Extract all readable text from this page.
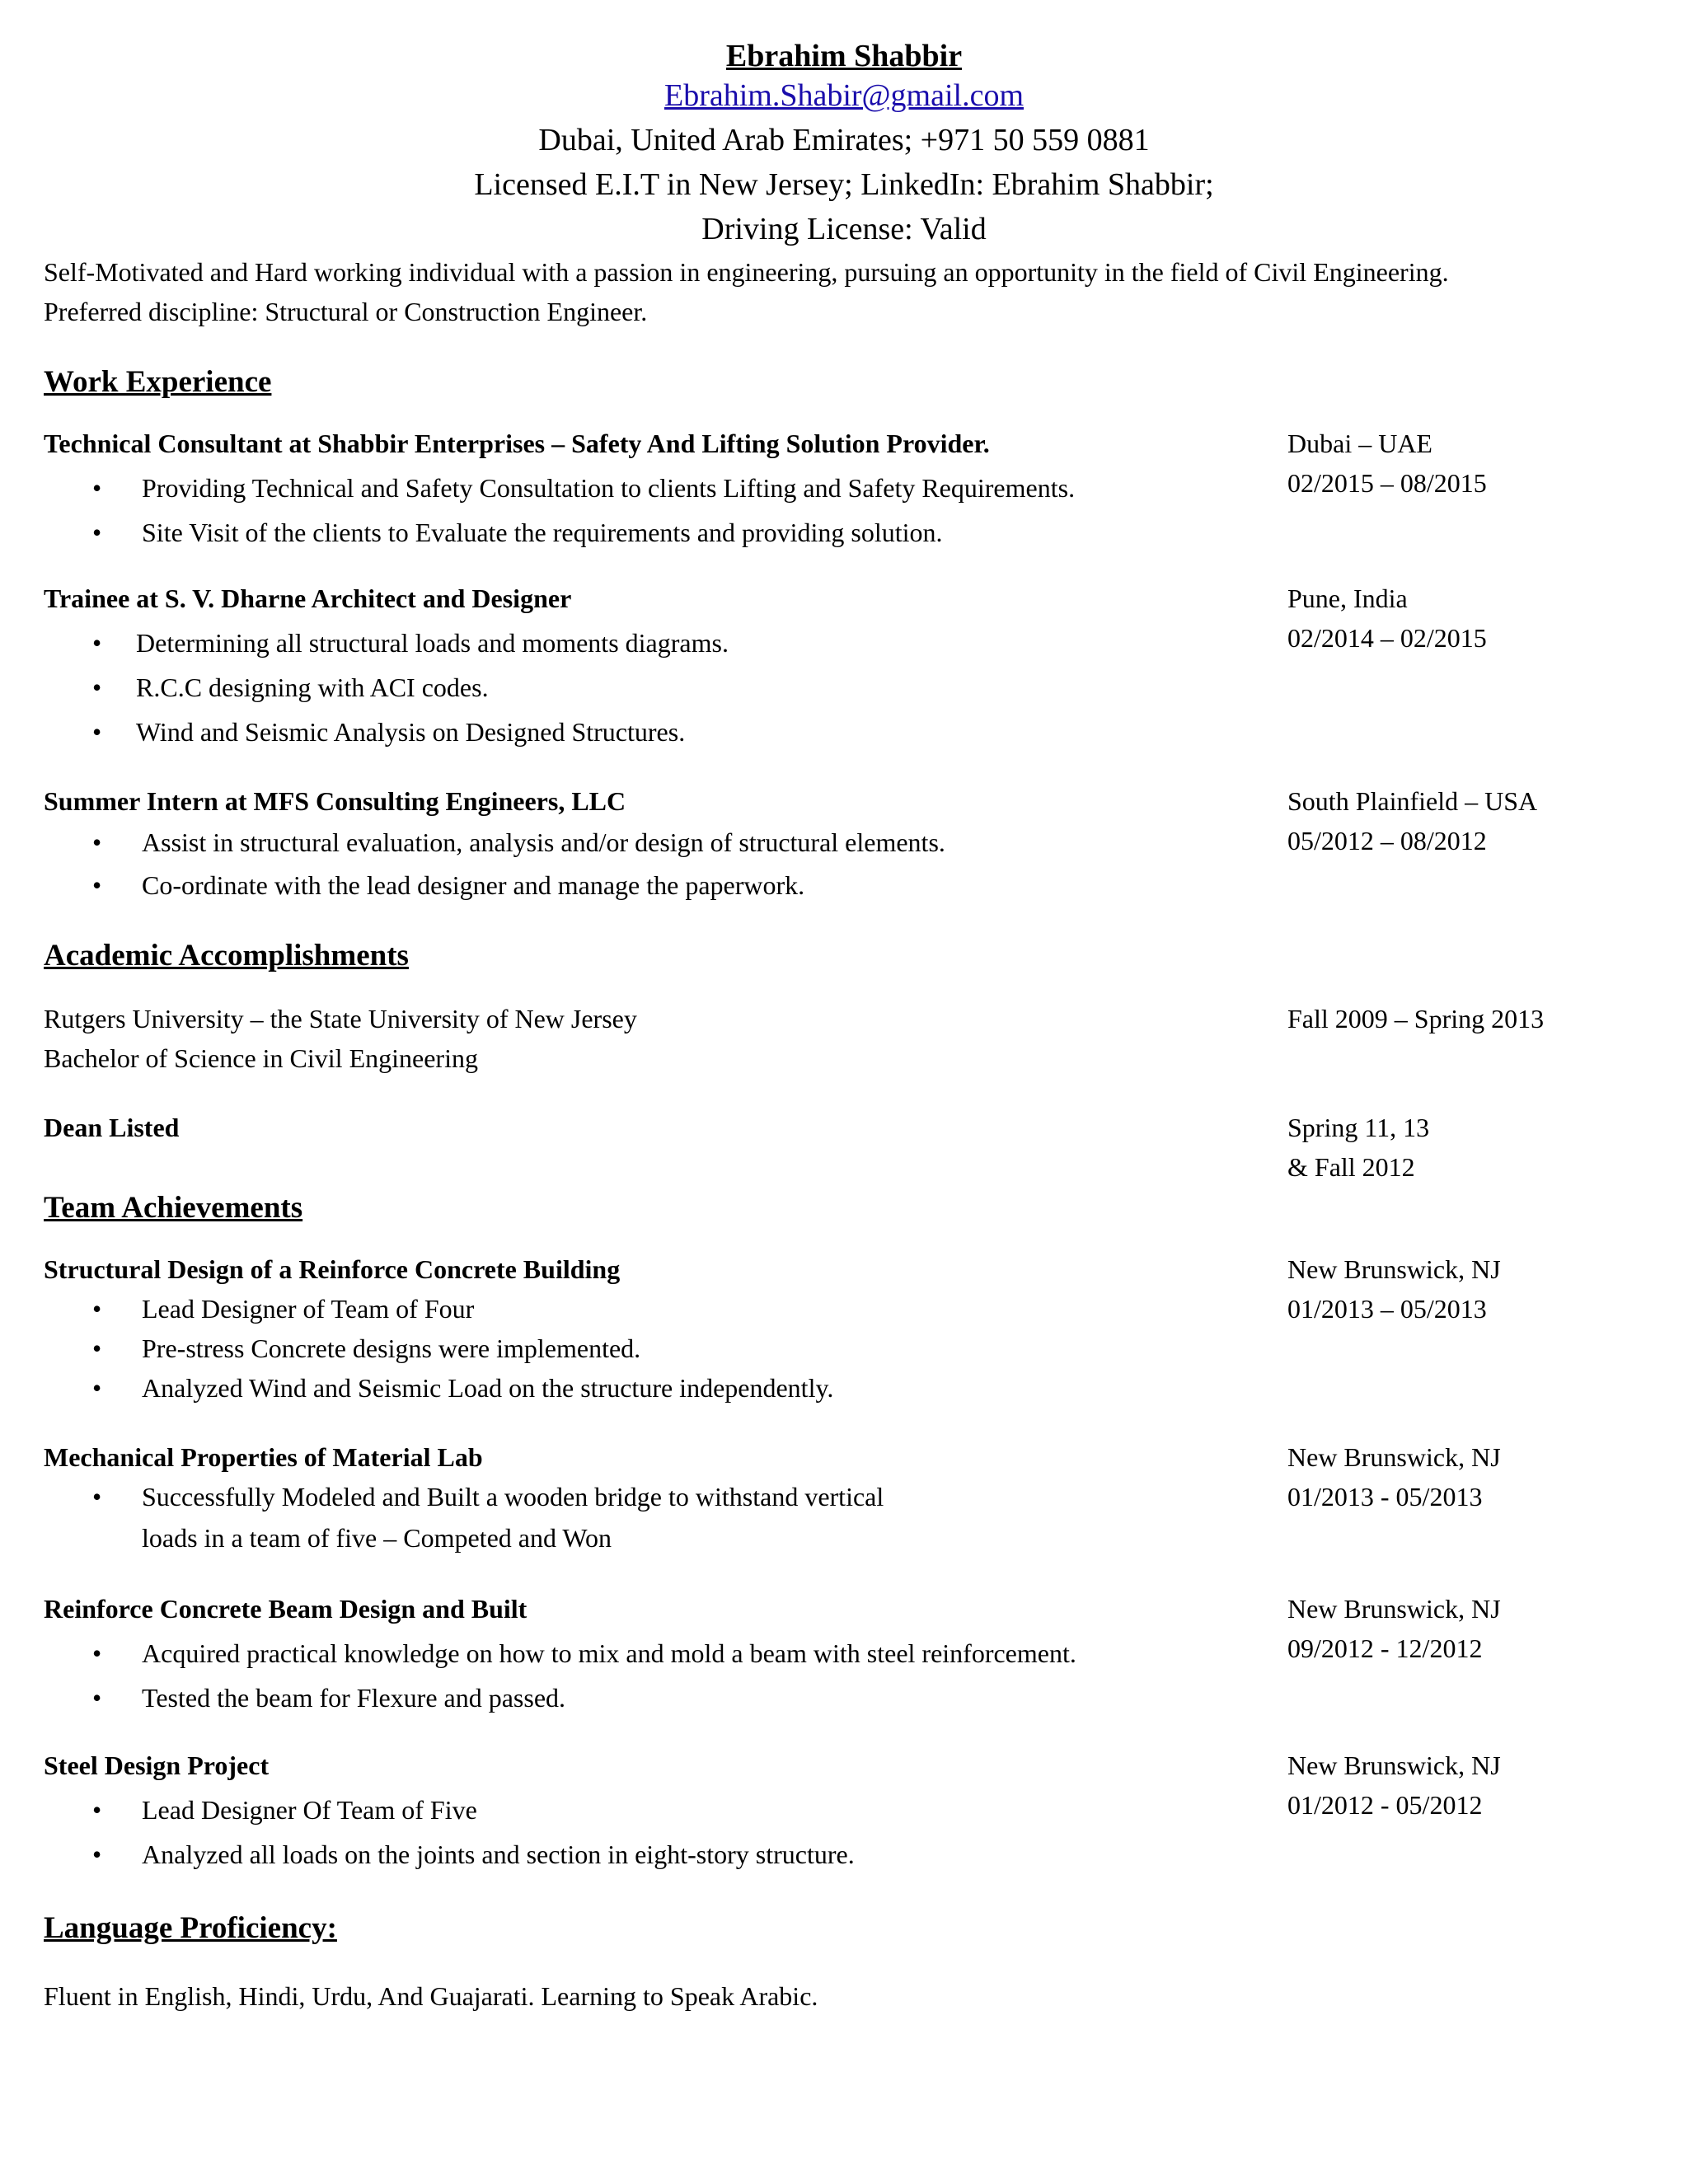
Ebrahim Shabbir
Ebrahim.Shabir@gmail.com
Dubai, United Arab Emirates; +971 50 559 0881
Licensed E.I.T in New Jersey; LinkedIn: Ebrahim Shabbir;
Driving License: Valid
Self-Motivated and Hard working individual with a passion in engineering, pursuing an opportunity in the field of Civil Engineering.
Preferred discipline: Structural or Construction Engineer.
Work Experience
Technical Consultant at Shabbir Enterprises – Safety And Lifting Solution Provider.	Dubai – UAE
02/2015 – 08/2015
• Providing Technical and Safety Consultation to clients Lifting and Safety Requirements.
• Site Visit of the clients to Evaluate the requirements and providing solution.
Trainee at S. V. Dharne Architect and Designer	Pune, India
02/2014 – 02/2015
• Determining all structural loads and moments diagrams.
• R.C.C designing with ACI codes.
• Wind and Seismic Analysis on Designed Structures.
Summer Intern at MFS Consulting Engineers, LLC	South Plainfield – USA
05/2012 – 08/2012
• Assist in structural evaluation, analysis and/or design of structural elements.
• Co-ordinate with the lead designer and manage the paperwork.
Academic Accomplishments
Rutgers University – the State University of New Jersey	Fall 2009 – Spring 2013
Bachelor of Science in Civil Engineering
Dean Listed	Spring 11, 13
& Fall 2012
Team Achievements
Structural Design of a Reinforce Concrete Building	New Brunswick, NJ
01/2013 – 05/2013
• Lead Designer of Team of Four
• Pre-stress Concrete designs were implemented.
• Analyzed Wind and Seismic Load on the structure independently.
Mechanical Properties of Material Lab	New Brunswick, NJ
01/2013 - 05/2013
• Successfully Modeled and Built a wooden bridge to withstand vertical
loads in a team of five – Competed and Won
Reinforce Concrete Beam Design and Built	New Brunswick, NJ
09/2012 - 12/2012
• Acquired practical knowledge on how to mix and mold a beam with steel reinforcement.
• Tested the beam for Flexure and passed.
Steel Design Project	New Brunswick, NJ
01/2012 - 05/2012
• Lead Designer Of Team of Five
• Analyzed all loads on the joints and section in eight-story structure.
Language Proficiency:
Fluent in English, Hindi, Urdu, And Guajarati. Learning to Speak Arabic.
